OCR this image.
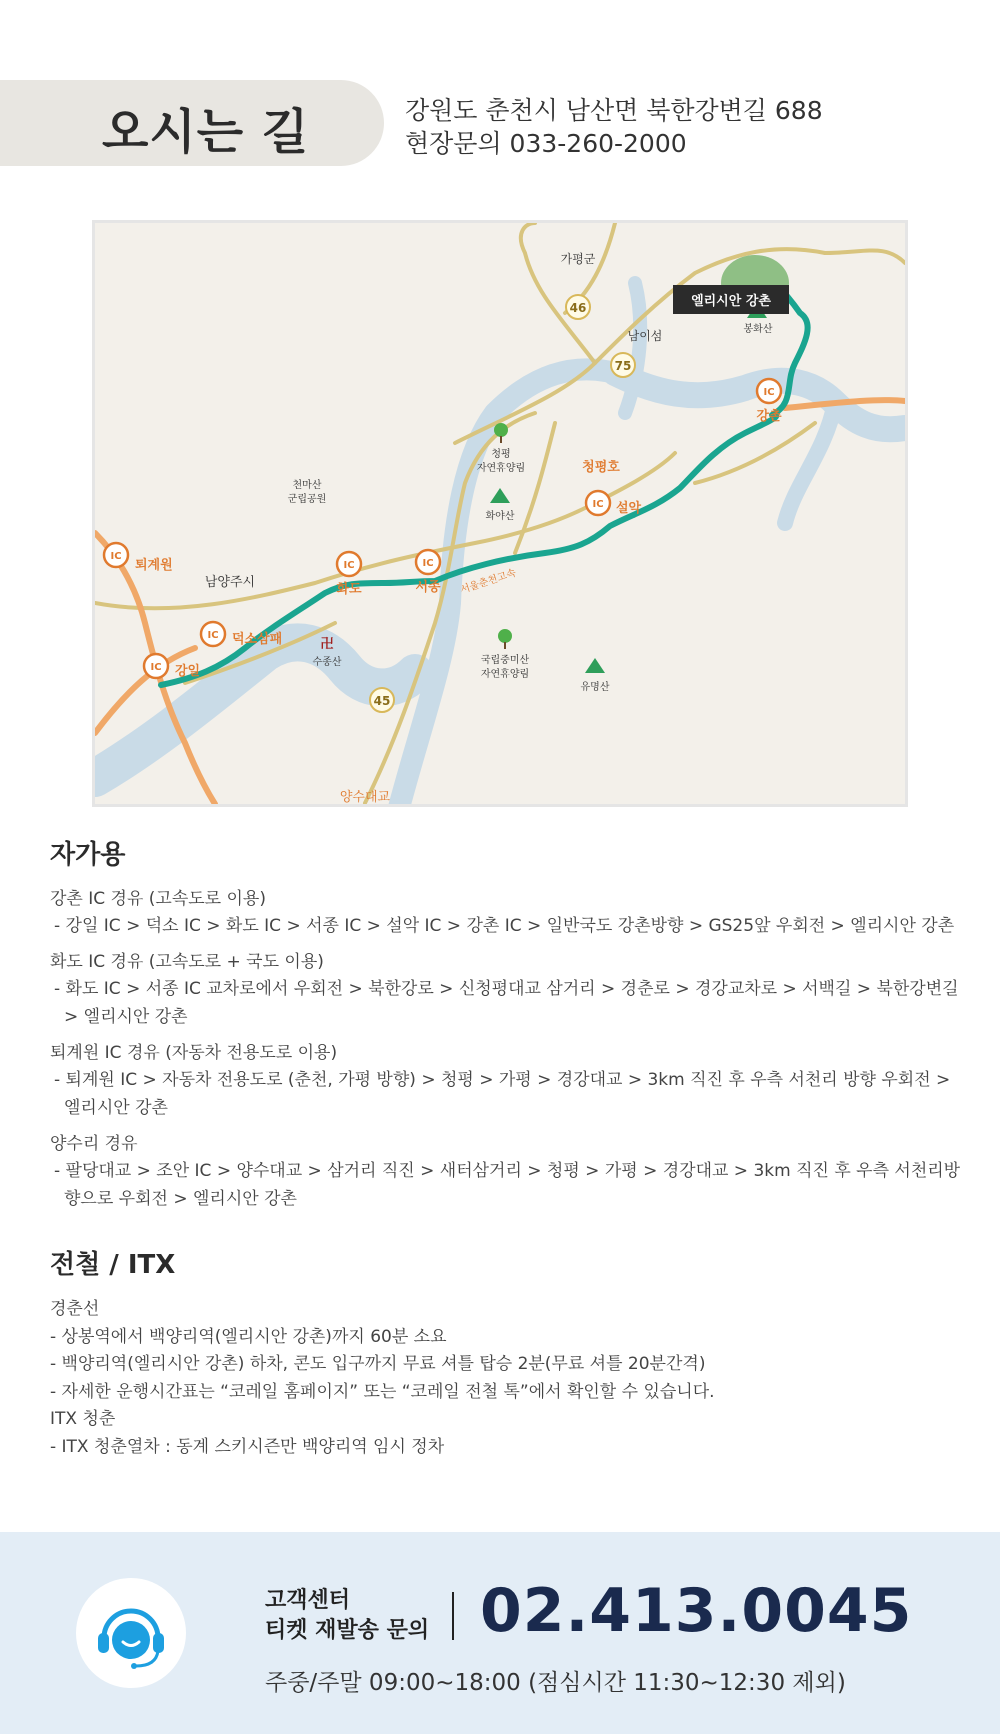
오시는 길	강원도 춘천시 남산면 북한강변길 688
현장문의 033-260-2000
46
75
45
卍
IC
강촌
IC 설악
IC
서종
IC
화도
IC
퇴계원
IC 덕소삼패
IC 강일
엘리시안 강촌
가평군
남이섬	봉화산
청평호
청평
자연휴양림
화야산
천마산
군립공원
남양주시
수종산	국립중미산
자연휴양림
유명산
양수대교
서울춘천고속
자가용
강촌 IC 경유 (고속도로 이용)
- 강일 IC > 덕소 IC > 화도 IC > 서종 IC > 설악 IC > 강촌 IC > 일반국도 강촌방향 > GS25앞 우회전 > 엘리시안 강촌
화도 IC 경유 (고속도로 + 국도 이용)
- 화도 IC > 서종 IC 교차로에서 우회전 > 북한강로 > 신청평대교 삼거리 > 경춘로 > 경강교차로 > 서백길 > 북한강변길 > 엘리시안 강촌
퇴계원 IC 경유 (자동차 전용도로 이용)
- 퇴계원 IC > 자동차 전용도로 (춘천, 가평 방향) > 청평 > 가평 > 경강대교 > 3km 직진 후 우측 서천리 방향 우회전 > 엘리시안 강촌
양수리 경유
- 팔당대교 > 조안 IC > 양수대교 > 삼거리 직진 > 새터삼거리 > 청평 > 가평 > 경강대교 > 3km 직진 후 우측 서천리방향으로 우회전 > 엘리시안 강촌
전철 / ITX
경춘선
- 상봉역에서 백양리역(엘리시안 강촌)까지 60분 소요
- 백양리역(엘리시안 강촌) 하차, 콘도 입구까지 무료 셔틀 탑승 2분(무료 셔틀 20분간격)
- 자세한 운행시간표는 “코레일 홈페이지” 또는 “코레일 전철 톡”에서 확인할 수 있습니다.
ITX 청춘
- ITX 청춘열차 : 동계 스키시즌만 백양리역 임시 정차
고객센터
티켓 재발송 문의 02.413.0045
주중/주말 09:00~18:00 (점심시간 11:30~12:30 제외)
